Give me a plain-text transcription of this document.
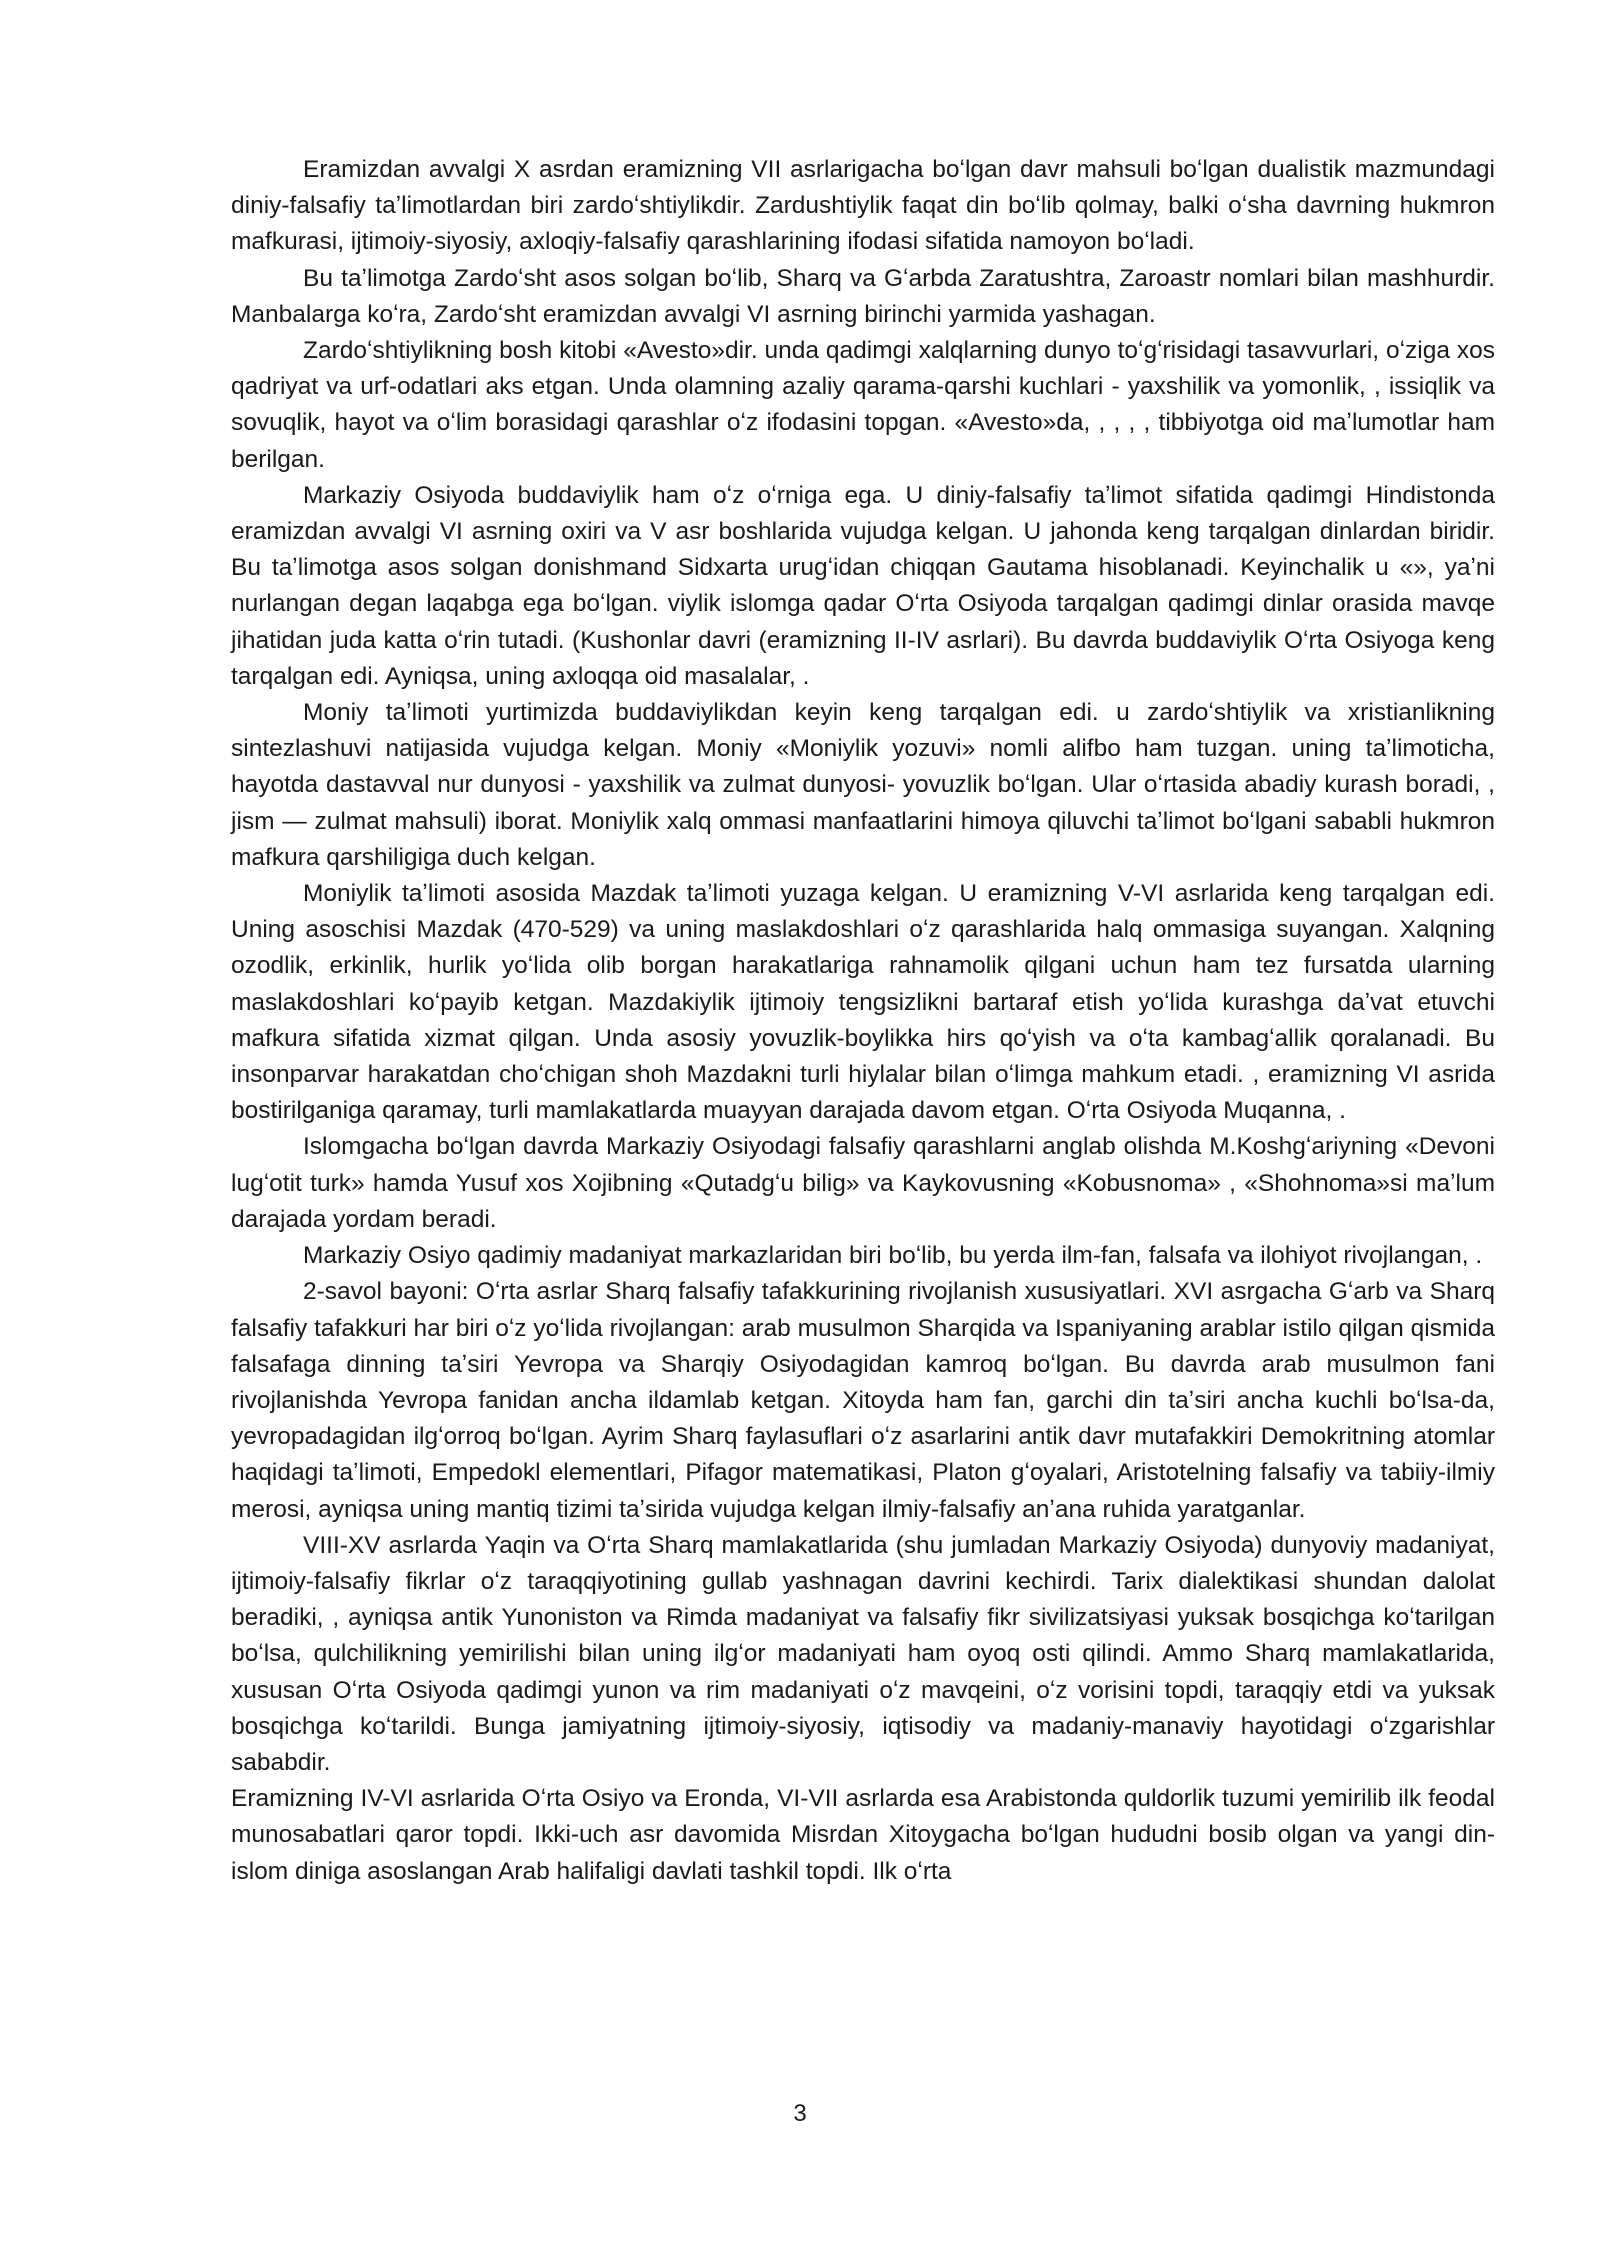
Eramizdan avvalgi X asrdan eramizning VII asrlarigacha boʻlgan davr mahsuli boʻlgan dualistik mazmundagi diniy-falsafiy taʼlimotlardan biri zardoʻshtiylikdir. Zardushtiylik faqat din boʻlib qolmay, balki oʻsha davrning hukmron mafkurasi, ijtimoiy-siyosiy, axloqiy-falsafiy qarashlarining ifodasi sifatida namoyon boʻladi.

Bu taʼlimotga Zardoʻsht asos solgan boʻlib, Sharq va Gʻarbda Zaratushtra, Zaroastr nomlari bilan mashhurdir. Manbalarga koʻra, Zardoʻsht eramizdan avvalgi VI asrning birinchi yarmida yashagan.

Zardoʻshtiylikning bosh kitobi «Avesto»dir. unda qadimgi xalqlarning dunyo toʻgʻrisidagi tasavvurlari, oʻziga xos qadriyat va urf-odatlari aks etgan. Unda olamning azaliy qarama-qarshi kuchlari - yaxshilik va yomonlik, , issiqlik va sovuqlik, hayot va oʻlim borasidagi qarashlar oʻz ifodasini topgan. «Avesto»da, , , , , tibbiyotga oid maʼlumotlar ham berilgan.

Markaziy Osiyoda buddaviylik ham oʻz oʻrniga ega. U diniy-falsafiy taʼlimot sifatida qadimgi Hindistonda eramizdan avvalgi VI asrning oxiri va V asr boshlarida vujudga kelgan. U jahonda keng tarqalgan dinlardan biridir. Bu taʼlimotga asos solgan donishmand Sidxarta urugʻidan chiqqan Gautama hisoblanadi. Keyinchalik u «», yaʼni nurlangan degan laqabga ega boʻlgan. viylik islomga qadar Oʻrta Osiyoda tarqalgan qadimgi dinlar orasida mavqe jihatidan juda katta oʻrin tutadi. (Kushonlar davri (eramizning II-IV asrlari). Bu davrda buddaviylik Oʻrta Osiyoga keng tarqalgan edi. Ayniqsa, uning axloqqa oid masalalar, .

Moniy taʼlimoti yurtimizda buddaviylikdan keyin keng tarqalgan edi. u zardoʻshtiylik va xristianlikning sintezlashuvi natijasida vujudga kelgan. Moniy «Moniylik yozuvi» nomli alifbo ham tuzgan. uning taʼlimoticha, hayotda dastavval nur dunyosi - yaxshilik va zulmat dunyosi- yovuzlik boʻlgan. Ular oʻrtasida abadiy kurash boradi, , jism — zulmat mahsuli) iborat. Moniylik xalq ommasi manfaatlarini himoya qiluvchi taʼlimot boʻlgani sababli hukmron mafkura qarshiligiga duch kelgan.

Moniylik taʼlimoti asosida Mazdak taʼlimoti yuzaga kelgan. U eramizning V-VI asrlarida keng tarqalgan edi. Uning asoschisi Mazdak (470-529) va uning maslakdoshlari oʻz qarashlarida halq ommasiga suyangan. Xalqning ozodlik, erkinlik, hurlik yoʻlida olib borgan harakatlariga rahnamolik qilgani uchun ham tez fursatda ularning maslakdoshlari koʻpayib ketgan. Mazdakiylik ijtimoiy tengsizlikni bartaraf etish yoʻlida kurashga daʼvat etuvchi mafkura sifatida xizmat qilgan. Unda asosiy yovuzlik-boylikka hirs qoʻyish va oʻta kambagʻallik qoralanadi. Bu insonparvar harakatdan choʻchigan shoh Mazdakni turli hiylalar bilan oʻlimga mahkum etadi. , eramizning VI asrida bostirilganiga qaramay, turli mamlakatlarda muayyan darajada davom etgan. Oʻrta Osiyoda Muqanna, .

Islomgacha boʻlgan davrda Markaziy Osiyodagi falsafiy qarashlarni anglab olishda M.Koshgʻariyning «Devoni lugʻotit turk» hamda Yusuf xos Xojibning «Qutadgʻu bilig» va Kaykovusning «Kobusnoma» , «Shohnoma»si maʼlum darajada yordam beradi.

Markaziy Osiyo qadimiy madaniyat markazlaridan biri boʻlib, bu yerda ilm-fan, falsafa va ilohiyot rivojlangan, .

2-savol bayoni: Oʻrta asrlar Sharq falsafiy tafakkurining rivojlanish xususiyatlari. XVI asrgacha Gʻarb va Sharq falsafiy tafakkuri har biri oʻz yoʻlida rivojlangan: arab musulmon Sharqida va Ispaniyaning arablar istilo qilgan qismida falsafaga dinning taʼsiri Yevropa va Sharqiy Osiyodagidan kamroq boʻlgan. Bu davrda arab musulmon fani rivojlanishda Yevropa fanidan ancha ildamlab ketgan. Xitoyda ham fan, garchi din taʼsiri ancha kuchli boʻlsa-da, yevropadagidan ilgʻorroq boʻlgan. Ayrim Sharq faylasuflari oʻz asarlarini antik davr mutafakkiri Demokritning atomlar haqidagi taʼlimoti, Empedokl elementlari, Pifagor matematikasi, Platon gʻoyalari, Aristotelning falsafiy va tabiiy-ilmiy merosi, ayniqsa uning mantiq tizimi taʼsirida vujudga kelgan ilmiy-falsafiy anʼana ruhida yaratganlar.

VIII-XV asrlarda Yaqin va Oʻrta Sharq mamlakatlarida (shu jumladan Markaziy Osiyoda) dunyoviy madaniyat, ijtimoiy-falsafiy fikrlar oʻz taraqqiyotining gullab yashnagan davrini kechirdi. Tarix dialektikasi shundan dalolat beradiki, , ayniqsa antik Yunoniston va Rimda madaniyat va falsafiy fikr sivilizatsiyasi yuksak bosqichga koʻtarilgan boʻlsa, qulchilikning yemirilishi bilan uning ilgʻor madaniyati ham oyoq osti qilindi. Ammo Sharq mamlakatlarida, xususan Oʻrta Osiyoda qadimgi yunon va rim madaniyati oʻz mavqeini, oʻz vorisini topdi, taraqqiy etdi va yuksak bosqichga koʻtarildi. Bunga jamiyatning ijtimoiy-siyosiy, iqtisodiy va madaniy-manaviy hayotidagi oʻzgarishlar sababdir.

Eramizning IV-VI asrlarida Oʻrta Osiyo va Eronda, VI-VII asrlarda esa Arabistonda quldorlik tuzumi yemirilib ilk feodal munosabatlari qaror topdi. Ikki-uch asr davomida Misrdan Xitoygacha boʻlgan hududni bosib olgan va yangi din- islom diniga asoslangan Arab halifaligi davlati tashkil topdi. Ilk oʻrta

3
